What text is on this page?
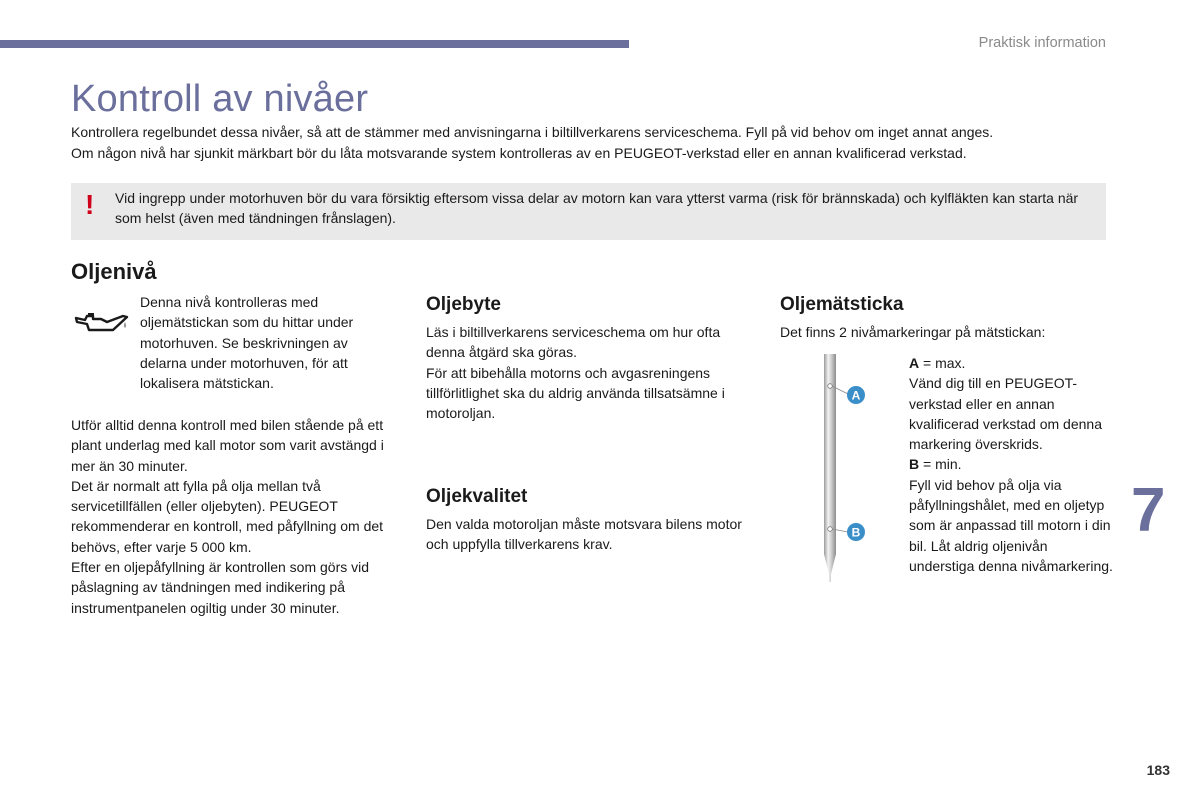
Praktisk information
Kontroll av nivåer

Kontrollera regelbundet dessa nivåer, så att de stämmer med anvisningarna i biltillverkarens serviceschema. Fyll på vid behov om inget annat anges.

Om någon nivå har sjunkit märkbart bör du låta motsvarande system kontrolleras av en PEUGEOT-verkstad eller en annan kvalificerad verkstad.

! Vid ingrepp under motorhuven bör du vara försiktig eftersom vissa delar av motorn kan vara ytterst varma (risk för brännskada) och kylfläkten kan starta när som helst (även med tändningen frånslagen).

Oljenivå

Denna nivå kontrolleras med oljemätstickan som du hittar under motorhuven. Se beskrivningen av delarna under motorhuven, för att lokalisera mätstickan.

Utför alltid denna kontroll med bilen stående på ett plant underlag med kall motor som varit avstängd i mer än 30 minuter.

Det är normalt att fylla på olja mellan två servicetillfällen (eller oljebyten). PEUGEOT rekommenderar en kontroll, med påfyllning om det behövs, efter varje 5 000 km.

Efter en oljepåfyllning är kontrollen som görs vid påslagning av tändningen med indikering på instrumentpanelen ogiltig under 30 minuter.

Oljebyte

Läs i biltillverkarens serviceschema om hur ofta denna åtgärd ska göras.

För att bibehålla motorns och avgasreningens tillförlitlighet ska du aldrig använda tillsatsämne i motoroljan.

Oljekvalitet

Den valda motoroljan måste motsvara bilens motor och uppfylla tillverkarens krav.

Oljemätsticka

Det finns 2 nivåmarkeringar på mätstickan:

A
B

A = max.

Vänd dig till en PEUGEOT-verkstad eller en annan kvalificerad verkstad om denna markering överskrids.

B = min.

Fyll vid behov på olja via påfyllningshålet, med en oljetyp som är anpassad till motorn i din bil. Låt aldrig oljenivån understiga denna nivåmarkering.

7
183
